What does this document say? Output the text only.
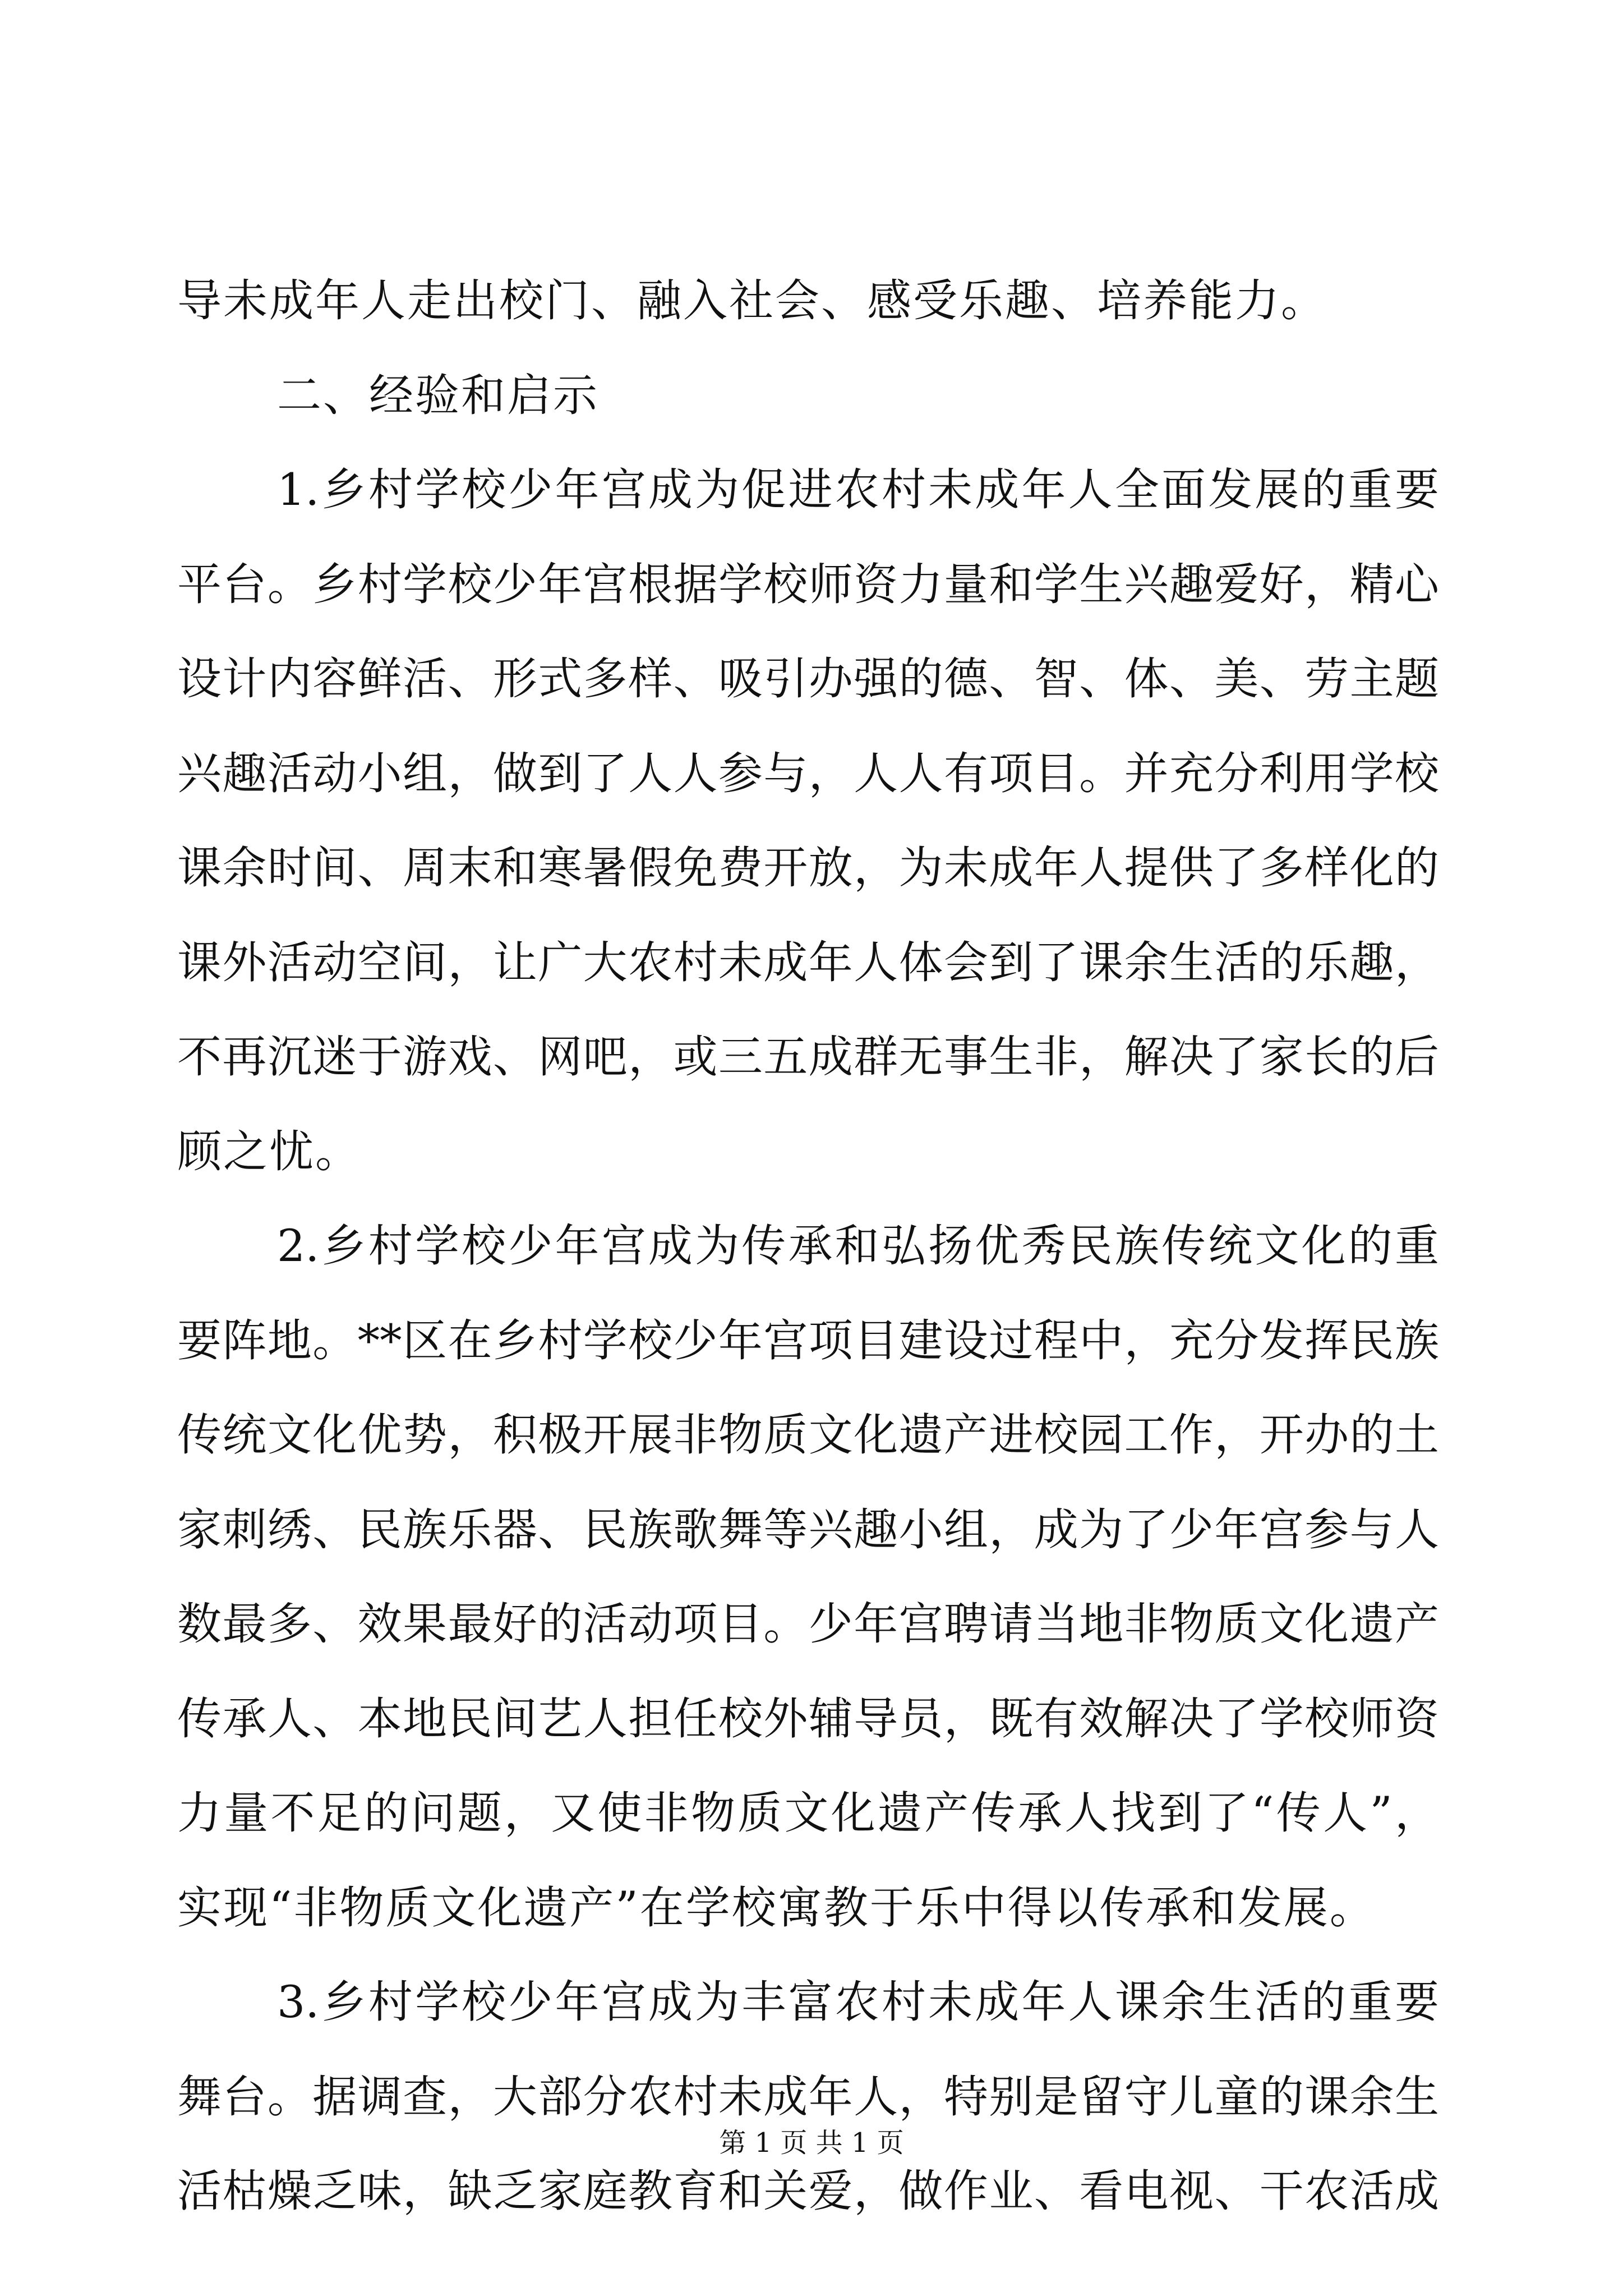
导未成年人走出校门、融入社会、感受乐趣、培养能力。
二、经验和启示
1.乡村学校少年宫成为促进农村未成年人全面发展的重要
平台。乡村学校少年宫根据学校师资力量和学生兴趣爱好，精心
设计内容鲜活、形式多样、吸引办强的德、智、体、美、劳主题
兴趣活动小组，做到了人人参与，人人有项目。并充分利用学校
课余时间、周末和寒暑假免费开放，为未成年人提供了多样化的
课外活动空间，让广大农村未成年人体会到了课余生活的乐趣，
不再沉迷于游戏、网吧，或三五成群无事生非，解决了家长的后
顾之忧。
2.乡村学校少年宫成为传承和弘扬优秀民族传统文化的重
要阵地。**区在乡村学校少年宫项目建设过程中，充分发挥民族
传统文化优势，积极开展非物质文化遗产进校园工作，开办的土
家刺绣、民族乐器、民族歌舞等兴趣小组，成为了少年宫参与人
数最多、效果最好的活动项目。少年宫聘请当地非物质文化遗产
传承人、本地民间艺人担任校外辅导员，既有效解决了学校师资
力量不足的问题，又使非物质文化遗产传承人找到了“传人”，
实现“非物质文化遗产”在学校寓教于乐中得以传承和发展。
3.乡村学校少年宫成为丰富农村未成年人课余生活的重要
舞台。据调查，大部分农村未成年人，特别是留守儿童的课余生
活枯燥乏味，缺乏家庭教育和关爱，做作业、看电视、干农活成
第 1 页 共 1 页
